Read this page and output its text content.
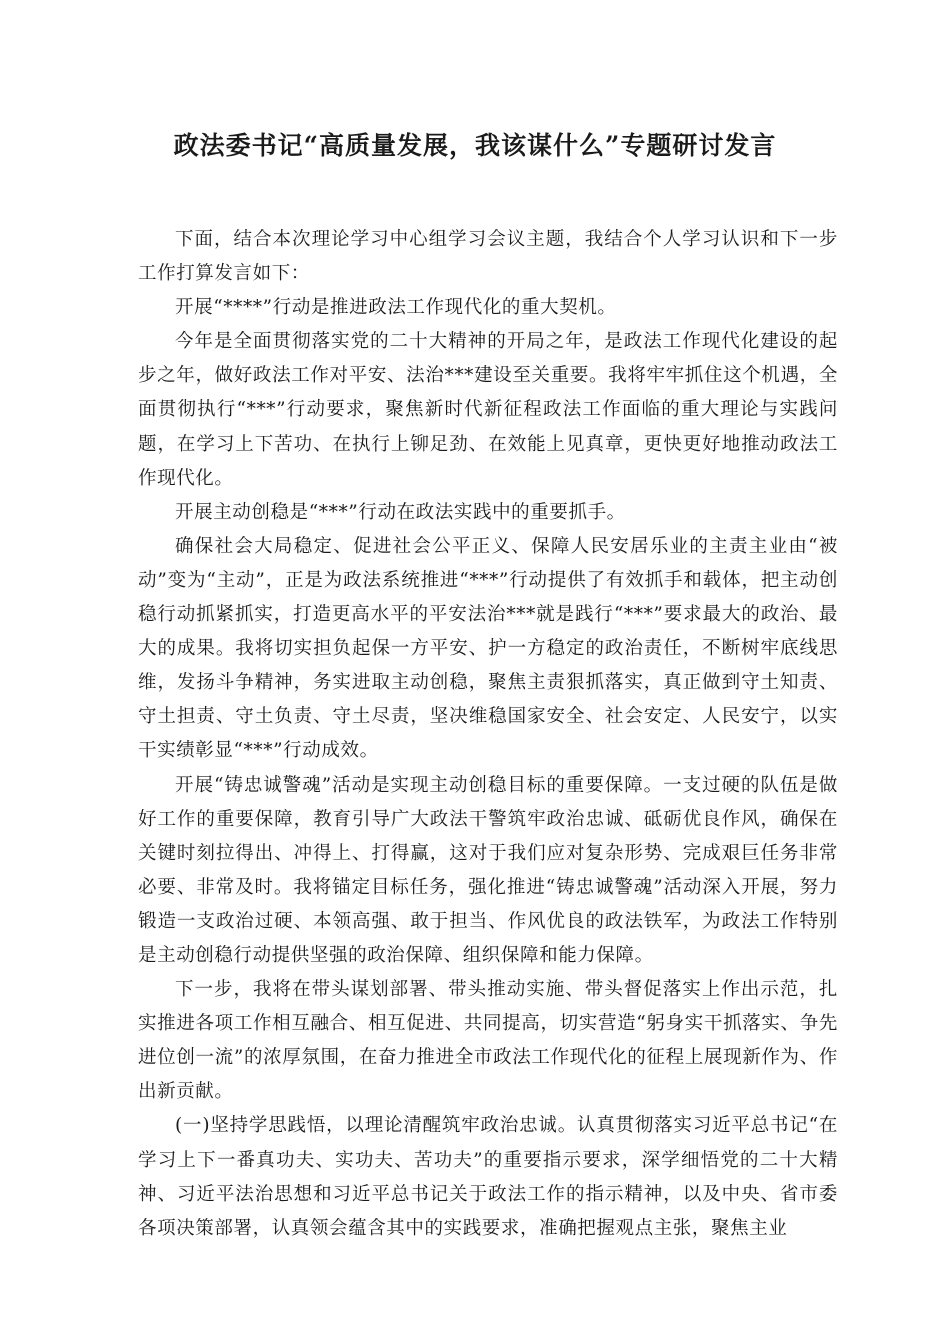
政法委书记“高质量发展，我该谋什么”专题研讨发言

下面，结合本次理论学习中心组学习会议主题，我结合个人学习认识和下一步工作打算发言如下：

开展“****”行动是推进政法工作现代化的重大契机。

今年是全面贯彻落实党的二十大精神的开局之年，是政法工作现代化建设的起步之年，做好政法工作对平安、法治***建设至关重要。我将牢牢抓住这个机遇，全面贯彻执行“***”行动要求，聚焦新时代新征程政法工作面临的重大理论与实践问题，在学习上下苦功、在执行上铆足劲、在效能上见真章，更快更好地推动政法工作现代化。

开展主动创稳是“***”行动在政法实践中的重要抓手。

确保社会大局稳定、促进社会公平正义、保障人民安居乐业的主责主业由“被动”变为“主动”，正是为政法系统推进“***”行动提供了有效抓手和载体，把主动创稳行动抓紧抓实，打造更高水平的平安法治***就是践行“***”要求最大的政治、最大的成果。我将切实担负起保一方平安、护一方稳定的政治责任，不断树牢底线思维，发扬斗争精神，务实进取主动创稳，聚焦主责狠抓落实，真正做到守土知责、守土担责、守土负责、守土尽责，坚决维稳国家安全、社会安定、人民安宁，以实干实绩彰显“***”行动成效。

开展“铸忠诚警魂”活动是实现主动创稳目标的重要保障。一支过硬的队伍是做好工作的重要保障，教育引导广大政法干警筑牢政治忠诚、砥砺优良作风，确保在关键时刻拉得出、冲得上、打得赢，这对于我们应对复杂形势、完成艰巨任务非常必要、非常及时。我将锚定目标任务，强化推进“铸忠诚警魂”活动深入开展，努力锻造一支政治过硬、本领高强、敢于担当、作风优良的政法铁军，为政法工作特别是主动创稳行动提供坚强的政治保障、组织保障和能力保障。

下一步，我将在带头谋划部署、带头推动实施、带头督促落实上作出示范，扎实推进各项工作相互融合、相互促进、共同提高，切实营造“躬身实干抓落实、争先进位创一流”的浓厚氛围，在奋力推进全市政法工作现代化的征程上展现新作为、作出新贡献。

(一)坚持学思践悟，以理论清醒筑牢政治忠诚。认真贯彻落实习近平总书记“在学习上下一番真功夫、实功夫、苦功夫”的重要指示要求，深学细悟党的二十大精神、习近平法治思想和习近平总书记关于政法工作的指示精神，以及中央、省市委各项决策部署，认真领会蕴含其中的实践要求，准确把握观点主张，聚焦主业
